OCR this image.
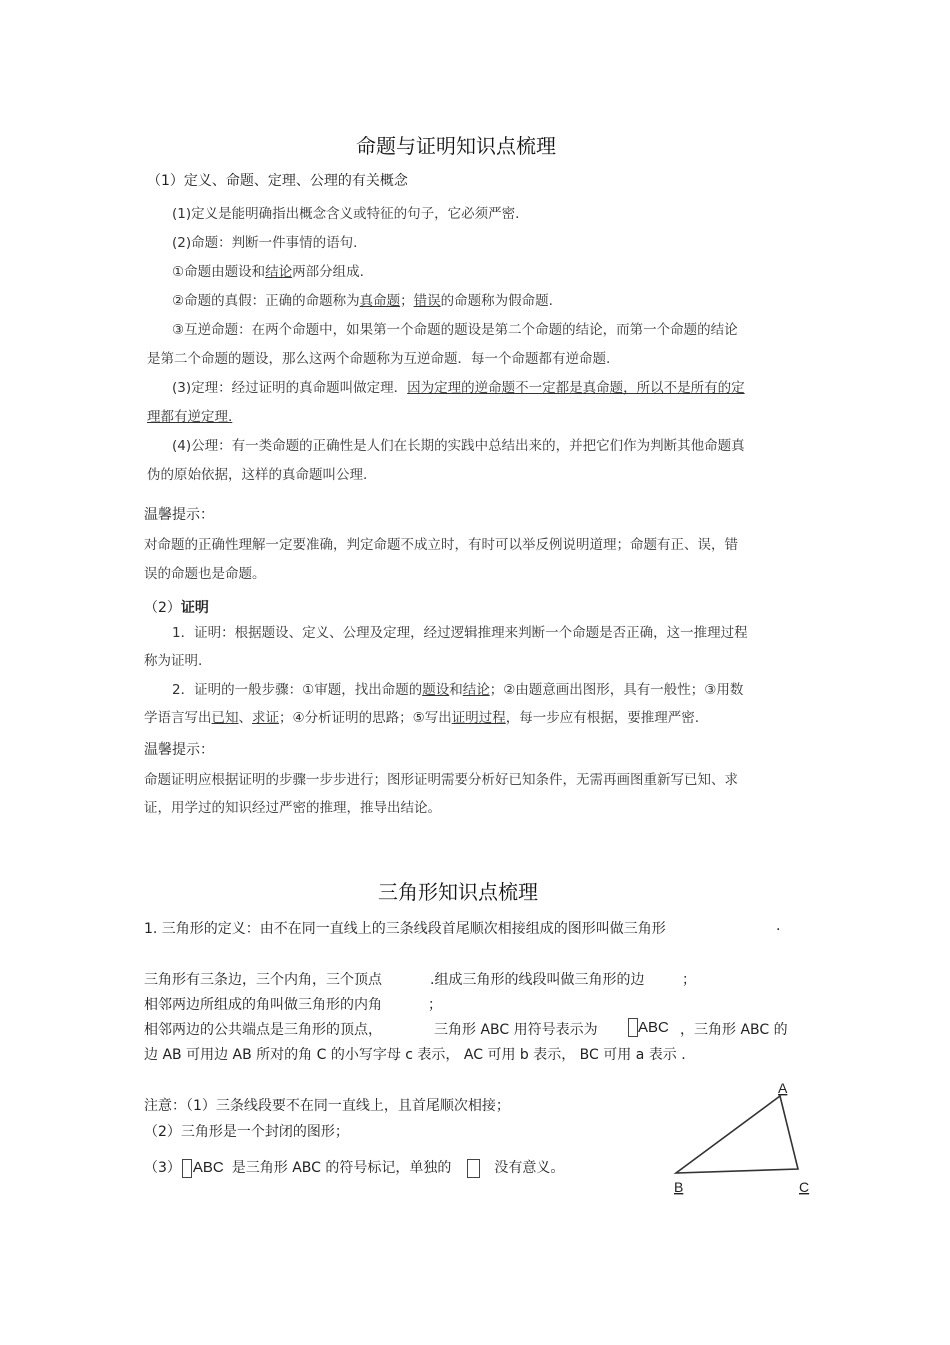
命题与证明知识点梳理
（1）定义、命题、定理、公理的有关概念
(1)定义是能明确指出概念含义或特征的句子，它必须严密.
(2)命题：判断一件事情的语句.
①命题由题设和结论两部分组成.
②命题的真假：正确的命题称为真命题；错误的命题称为假命题.
③互逆命题：在两个命题中，如果第一个命题的题设是第二个命题的结论，而第一个命题的结论
是第二个命题的题设，那么这两个命题称为互逆命题．每一个命题都有逆命题.
(3)定理：经过证明的真命题叫做定理．因为定理的逆命题不一定都是真命题，所以不是所有的定
理都有逆定理.
(4)公理：有一类命题的正确性是人们在长期的实践中总结出来的，并把它们作为判断其他命题真
伪的原始依据，这样的真命题叫公理.
温馨提示：
对命题的正确性理解一定要准确，判定命题不成立时，有时可以举反例说明道理；命题有正、误，错
误的命题也是命题。
（2）证明
1．证明：根据题设、定义、公理及定理，经过逻辑推理来判断一个命题是否正确，这一推理过程
称为证明.
2．证明的一般步骤：①审题，找出命题的题设和结论；②由题意画出图形，具有一般性；③用数
学语言写出已知、求证；④分析证明的思路；⑤写出证明过程，每一步应有根据，要推理严密.
温馨提示：
命题证明应根据证明的步骤一步步进行；图形证明需要分析好已知条件，无需再画图重新写已知、求
证，用学过的知识经过严密的推理，推导出结论。
三角形知识点梳理
1. 三角形的定义：由不在同一直线上的三条线段首尾顺次相接组成的图形叫做三角形	.
三角形有三条边，三个内角，三个顶点	.组成三角形的线段叫做三角形的边	；
相邻两边所组成的角叫做三角形的内角	；
相邻两边的公共端点是三角形的顶点，	三角形 ABC 用符号表示为	ABC ，三角形 ABC 的
边 AB 可用边 AB 所对的角 C 的小写字母 c 表示， AC 可用 b 表示， BC 可用 a 表示 .
注意：（1）三条线段要不在同一直线上，且首尾顺次相接；
（2）三角形是一个封闭的图形；
（3） ABC 是三角形 ABC 的符号标记，单独的	没有意义。
A
B	C
